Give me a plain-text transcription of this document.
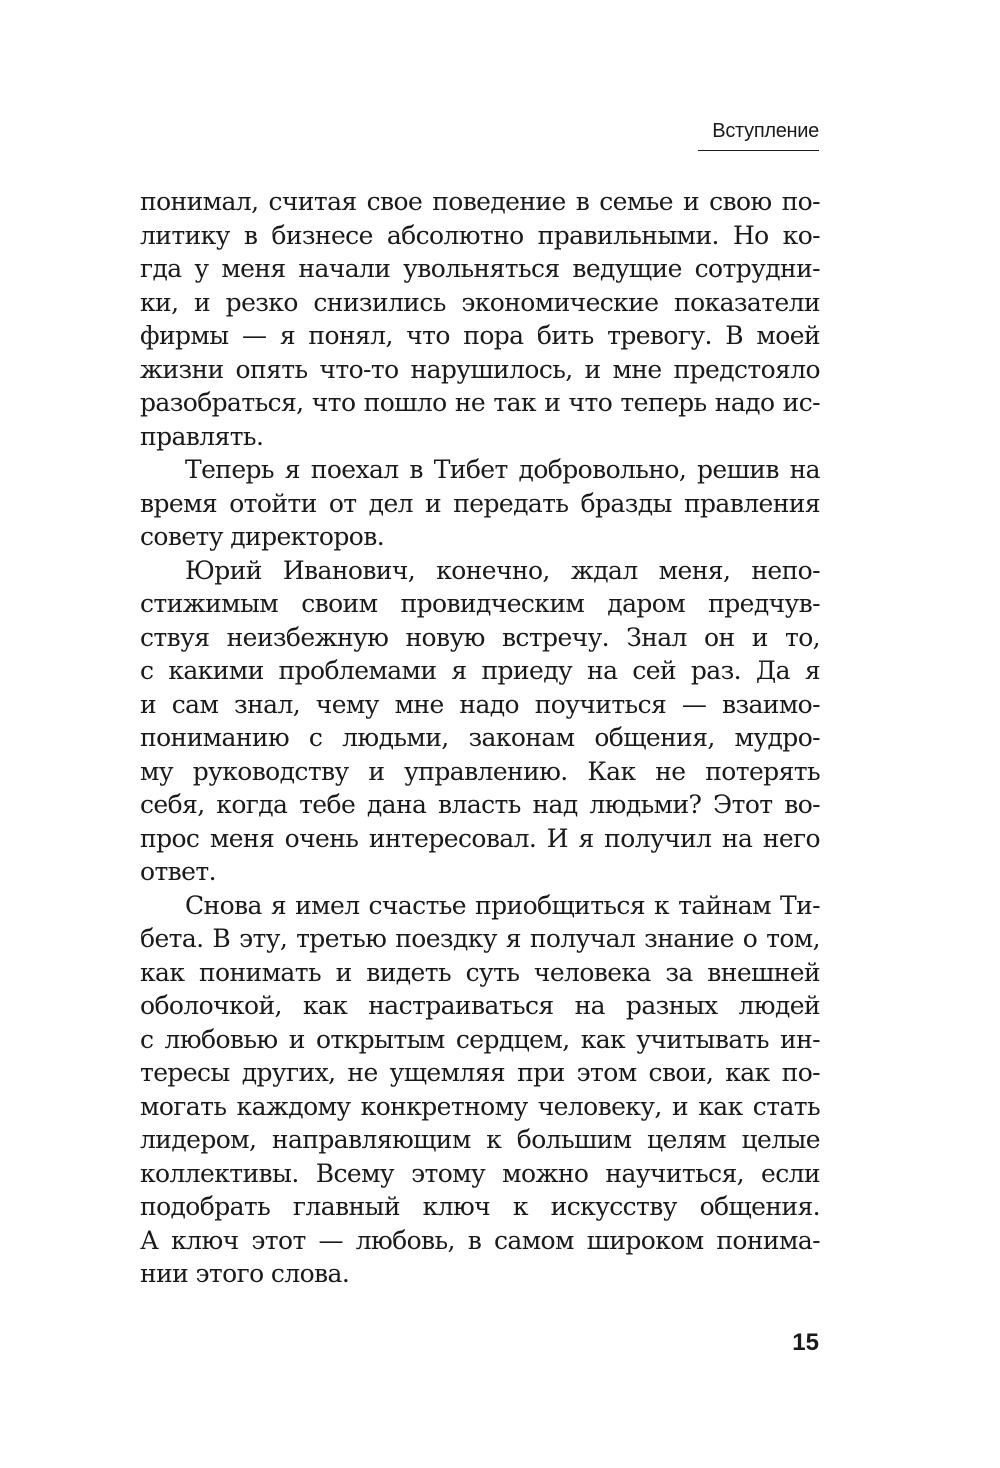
Вступление
понимал, считая свое поведение в семье и свою по-
литику в бизнесе абсолютно правильными. Но ко-
гда у меня начали увольняться ведущие сотрудни-
ки, и резко снизились экономические показатели
фирмы — я понял, что пора бить тревогу. В моей
жизни опять что-то нарушилось, и мне предстояло
разобраться, что пошло не так и что теперь надо ис-
правлять.
Теперь я поехал в Тибет добровольно, решив на
время отойти от дел и передать бразды правления
совету директоров.
Юрий Иванович, конечно, ждал меня, непо-
стижимым своим провидческим даром предчув-
ствуя неизбежную новую встречу. Знал он и то,
с какими проблемами я приеду на сей раз. Да я
и сам знал, чему мне надо поучиться — взаимо-
пониманию с людьми, законам общения, мудро-
му руководству и управлению. Как не потерять
себя, когда тебе дана власть над людьми? Этот во-
прос меня очень интересовал. И я получил на него
ответ.
Снова я имел счастье приобщиться к тайнам Ти-
бета. В эту, третью поездку я получал знание о том,
как понимать и видеть суть человека за внешней
оболочкой, как настраиваться на разных людей
с любовью и открытым сердцем, как учитывать ин-
тересы других, не ущемляя при этом свои, как по-
могать каждому конкретному человеку, и как стать
лидером, направляющим к большим целям целые
коллективы. Всему этому можно научиться, если
подобрать главный ключ к искусству общения.
А ключ этот — любовь, в самом широком понима-
нии этого слова.
15
